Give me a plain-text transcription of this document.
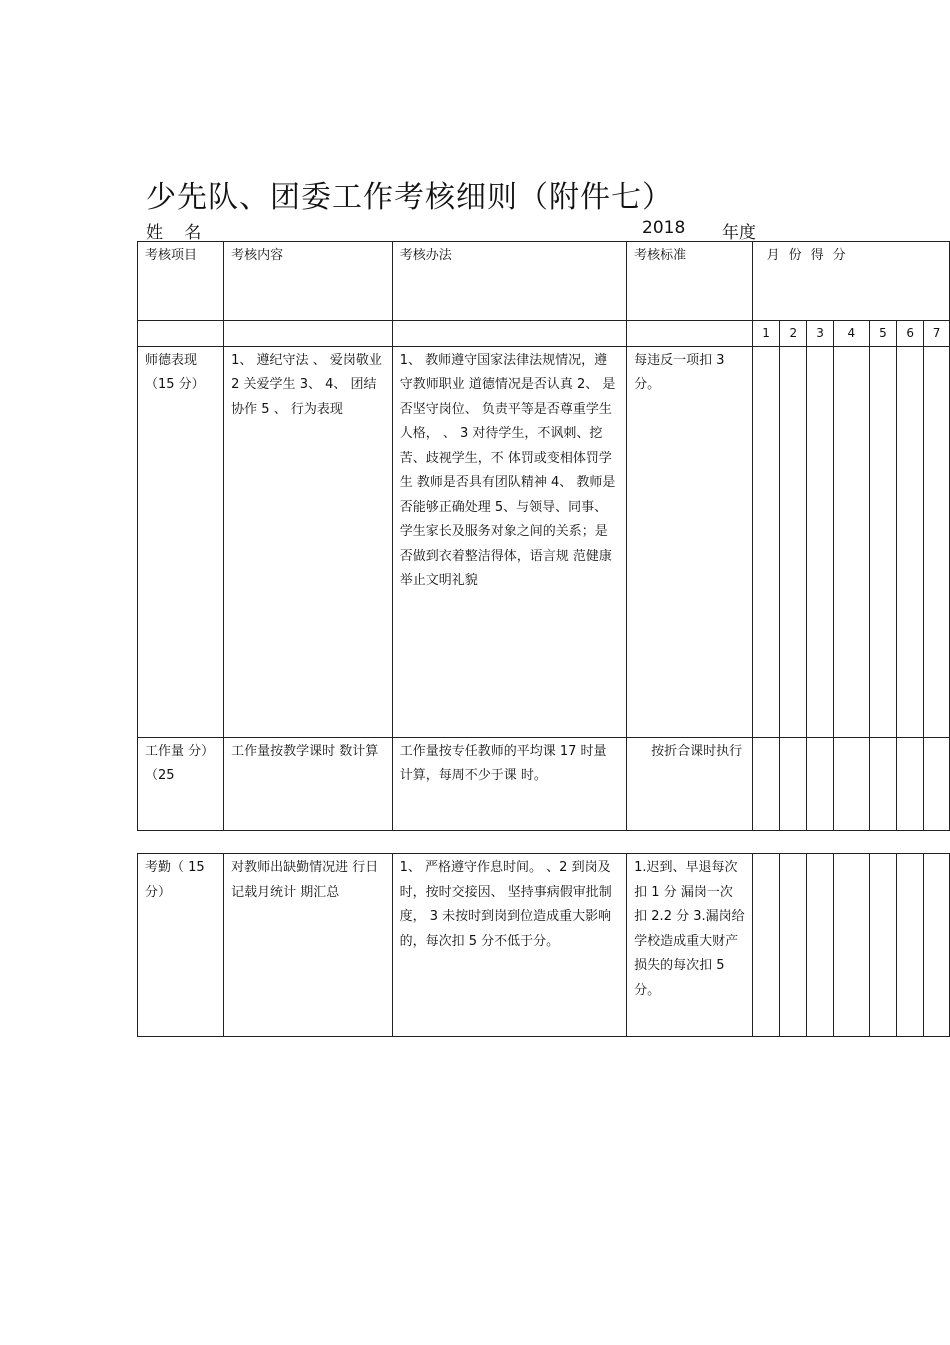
少先队、团委工作考核细则（附件七）
姓 名	2018 年度
考核项目	考核内容	考核办法	考核标准	月份得分						
				1	2	3	4	5	6	7
师德表现（15 分）	1、 遵纪守法 、 爱岗敬业 2 关爱学生 3、 4、 团结协作 5 、 行为表现	1、 教师遵守国家法律法规情况，遵守教师职业 道德情况是否认真 2、 是否坚守岗位、 负责平等是否尊重学生人格， 、 3 对待学生，不讽刺、挖苦、歧视学生，不 体罚或变相体罚学生 教师是否具有团队精神 4、 教师是否能够正确处理 5、与领导、同事、 学生家长及服务对象之间的关系；是否做到衣着整洁得体，语言规 范健康举止文明礼貌	每违反一项扣 3 分。							
工作量 分）（25	工作量按教学课时 数计算	工作量按专任教师的平均课 17 时量计算，每周不少于课 时。	按折合课时执行							
考勤（ 15 分）	对教师出缺勤情况进 行日记载月统计 期汇总	1、 严格遵守作息时间。 、2 到岗及时，按时交接因、 坚持事病假审批制度， 3 未按时到岗到位造成重大影响的，每次扣 5 分不低于分。	1.迟到、早退每次扣 1 分 漏岗一次扣 2.2 分 3.漏岗给学校造成重大财产损失的每次扣 5 分。							
